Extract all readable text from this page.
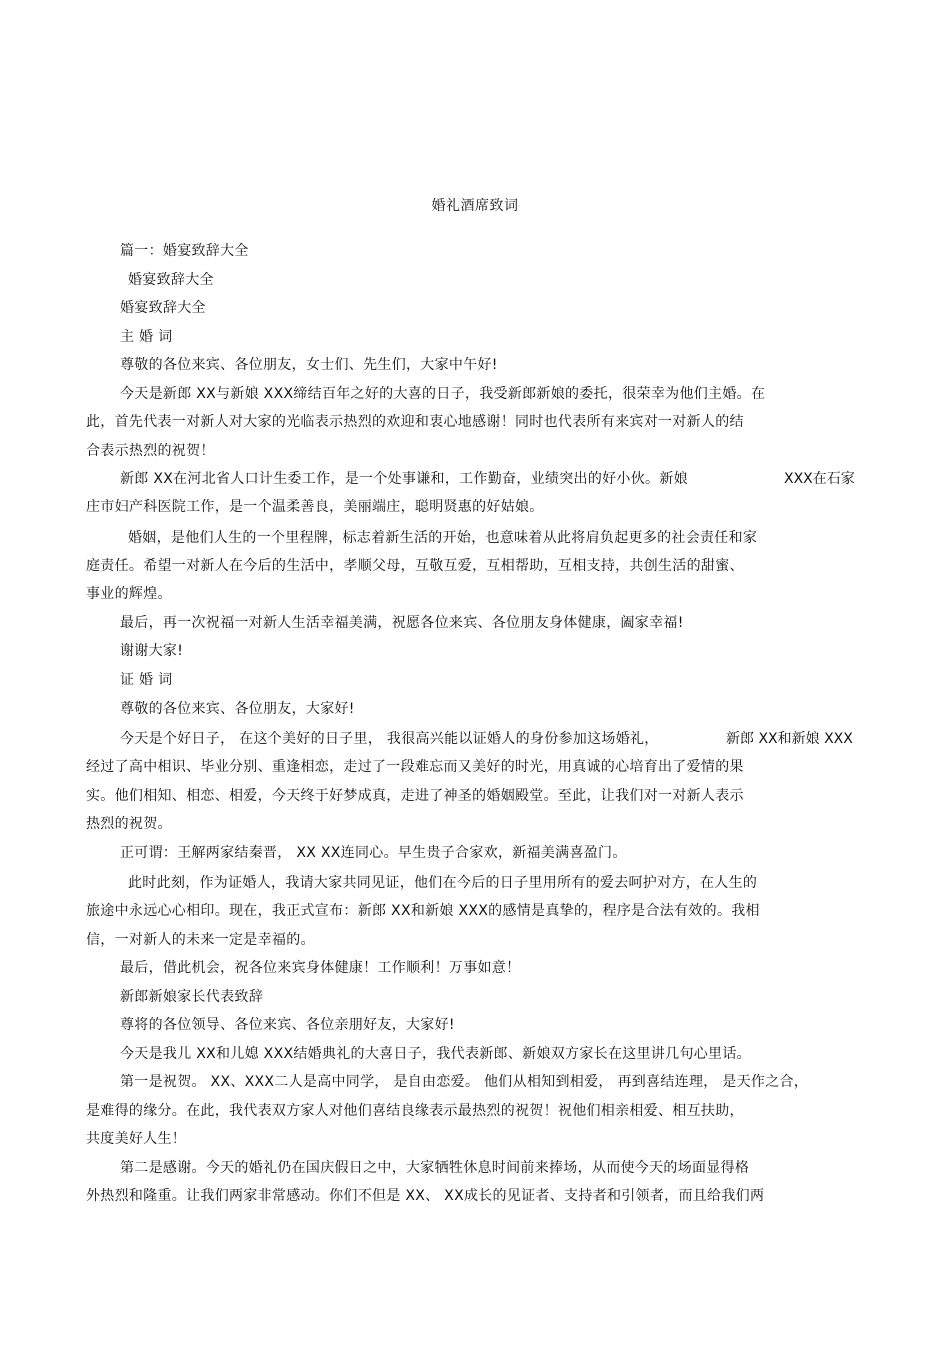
婚礼酒席致词
篇一：婚宴致辞大全
婚宴致辞大全
婚宴致辞大全
主 婚 词
尊敬的各位来宾、各位朋友，女士们、先生们，大家中午好!
今天是新郎 XX与新娘 XXX缔结百年之好的大喜的日子，我受新郎新娘的委托，很荣幸为他们主婚。在
此，首先代表一对新人对大家的光临表示热烈的欢迎和衷心地感谢！同时也代表所有来宾对一对新人的结
合表示热烈的祝贺！
新郎 XX在河北省人口计生委工作，是一个处事谦和，工作勤奋，业绩突出的好小伙。新娘	XXX在石家
庄市妇产科医院工作，是一个温柔善良，美丽端庄，聪明贤惠的好姑娘。
婚姻，是他们人生的一个里程牌，标志着新生活的开始，也意味着从此将肩负起更多的社会责任和家
庭责任。希望一对新人在今后的生活中，孝顺父母，互敬互爱，互相帮助，互相支持，共创生活的甜蜜、
事业的辉煌。
最后，再一次祝福一对新人生活幸福美满，祝愿各位来宾、各位朋友身体健康，阖家幸福!
谢谢大家!
证 婚 词
尊敬的各位来宾、各位朋友，大家好!
今天是个好日子， 在这个美好的日子里， 我很高兴能以证婚人的身份参加这场婚礼，	新郎 XX和新娘 XXX
经过了高中相识、毕业分别、重逢相恋，走过了一段难忘而又美好的时光，用真诚的心培育出了爱情的果
实。他们相知、相恋、相爱，今天终于好梦成真，走进了神圣的婚姻殿堂。至此，让我们对一对新人表示
热烈的祝贺。
正可谓：王解两家结秦晋， XX XX连同心。早生贵子合家欢，新福美满喜盈门。
此时此刻，作为证婚人，我请大家共同见证，他们在今后的日子里用所有的爱去呵护对方，在人生的
旅途中永远心心相印。现在，我正式宣布：新郎 XX和新娘 XXX的感情是真挚的，程序是合法有效的。我相
信，一对新人的未来一定是幸福的。
最后，借此机会，祝各位来宾身体健康！工作顺利！万事如意！
新郎新娘家长代表致辞
尊将的各位领导、各位来宾、各位亲朋好友，大家好!
今天是我儿 XX和儿媳 XXX结婚典礼的大喜日子，我代表新郎、新娘双方家长在这里讲几句心里话。
第一是祝贺。 XX、XXX二人是高中同学， 是自由恋爱。 他们从相知到相爱， 再到喜结连理， 是天作之合，
是难得的缘分。在此，我代表双方家人对他们喜结良缘表示最热烈的祝贺！祝他们相亲相爱、相互扶助，
共度美好人生！
第二是感谢。今天的婚礼仍在国庆假日之中，大家牺牲休息时间前来捧场，从而使今天的场面显得格
外热烈和隆重。让我们两家非常感动。你们不但是 XX、 XX成长的见证者、支持者和引领者，而且给我们两
